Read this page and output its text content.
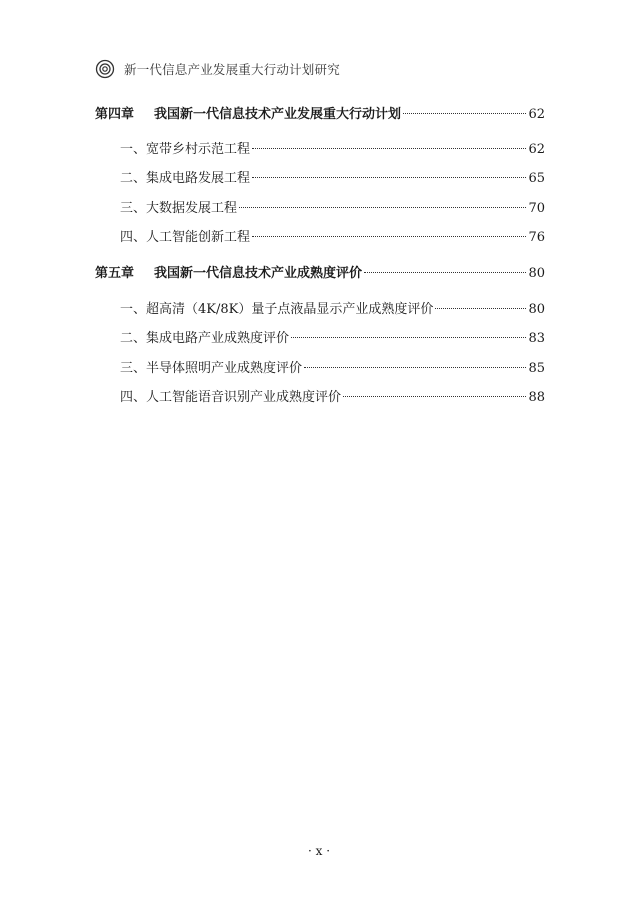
新一代信息产业发展重大行动计划研究
第四章 我国新一代信息技术产业发展重大行动计划	62
一、宽带乡村示范工程	62
二、集成电路发展工程	65
三、大数据发展工程	70
四、人工智能创新工程	76
第五章 我国新一代信息技术产业成熟度评价	80
一、超高清（4K/8K）量子点液晶显示产业成熟度评价	80
二、集成电路产业成熟度评价	83
三、半导体照明产业成熟度评价	85
四、人工智能语音识别产业成熟度评价	88
· x ·
